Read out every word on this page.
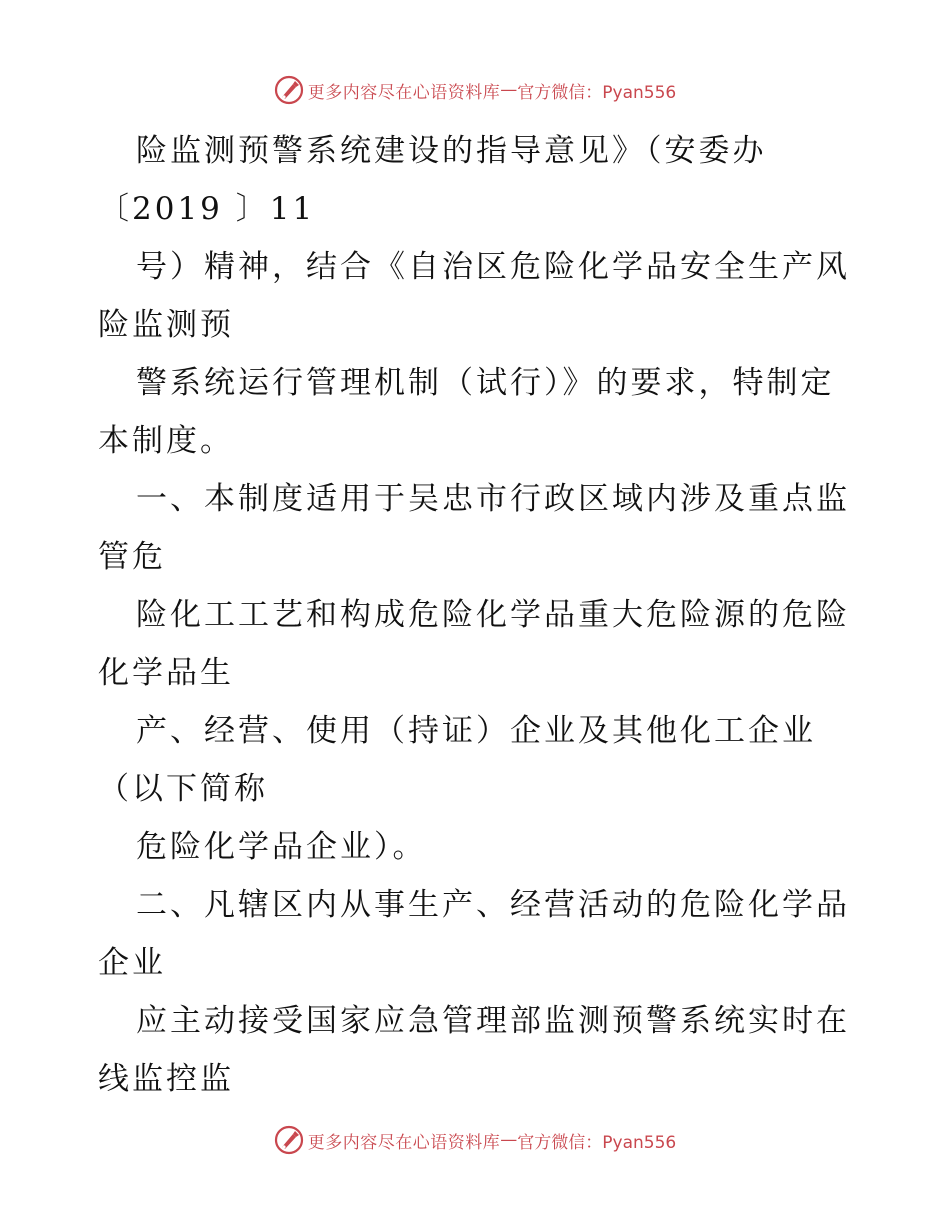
更多内容尽在心语资料库 — 官方微信：Pyan556
险监测预警系统建设的指导意见》（安委办
〔2019 〕11
号）精神，结合《自治区危险化学品安全生产风
险监测预
警系统运行管理机制（试行）》的要求，特制定
本制度。
一、本制度适用于吴忠市行政区域内涉及重点监
管危
险化工工艺和构成危险化学品重大危险源的危险
化学品生
产、经营、使用（持证）企业及其他化工企业
（以下简称
危险化学品企业）。
二、凡辖区内从事生产、经营活动的危险化学品
企业
应主动接受国家应急管理部监测预警系统实时在
线监控监
更多内容尽在心语资料库 — 官方微信：Pyan556
